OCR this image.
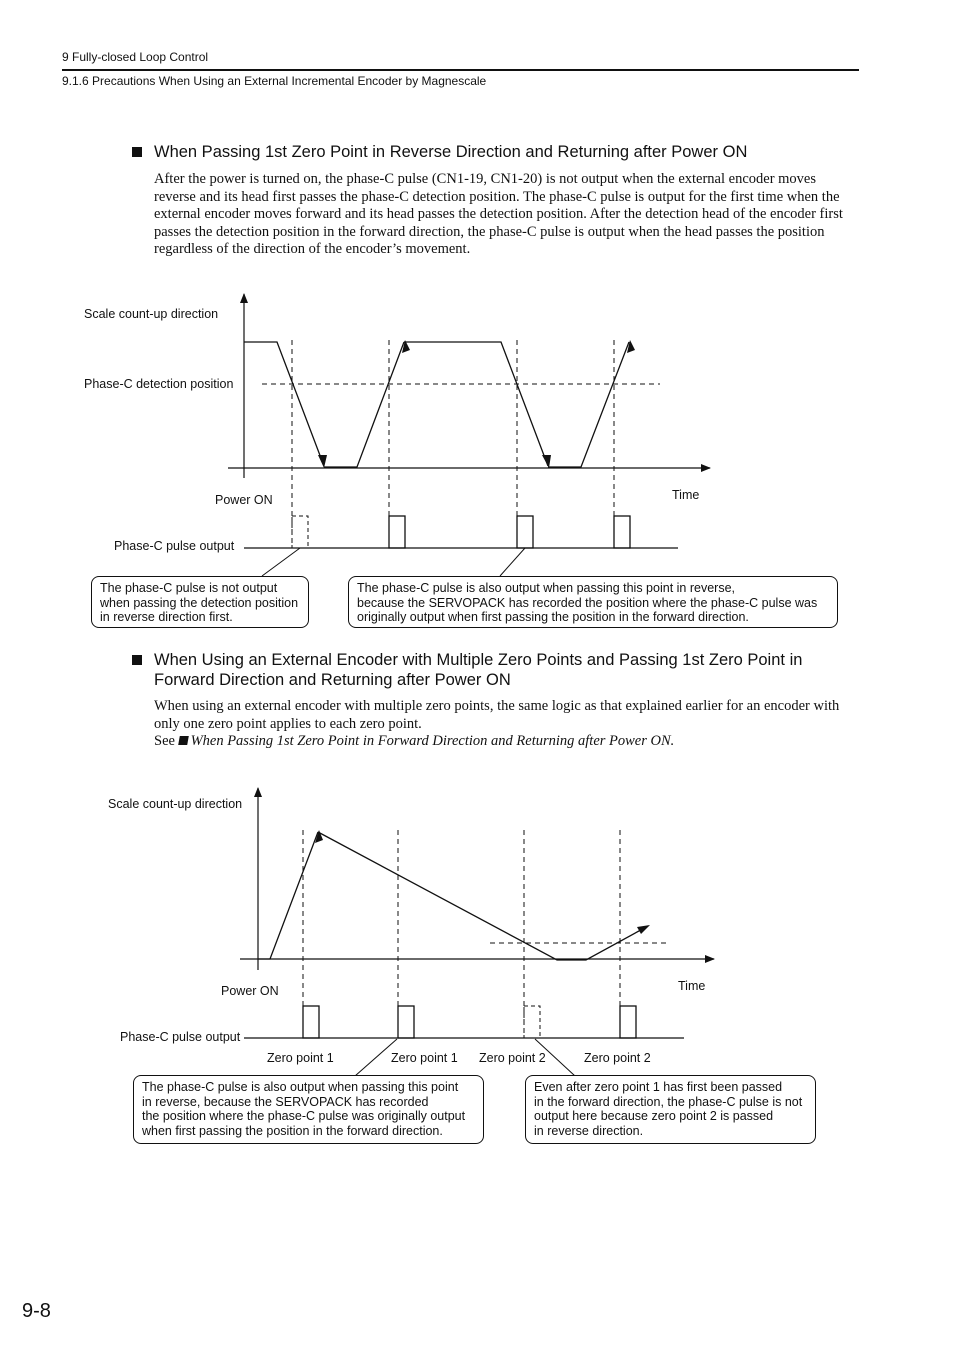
9 Fully-closed Loop Control
9.1.6 Precautions When Using an External Incremental Encoder by Magnescale
When Passing 1st Zero Point in Reverse Direction and Returning after Power ON

After the power is turned on, the phase-C pulse (CN1-19, CN1-20) is not output when the external encoder moves reverse and its head first passes the phase-C detection position. The phase-C pulse is output for the first time when the external encoder moves forward and its head passes the detection position. After the detection head of the encoder first passes the detection position in the forward direction, the phase-C pulse is output when the head passes the position regardless of the direction of the encoder’s movement.

Scale count-up direction
Phase-C detection position
Power ON	Time
Phase-C pulse output
The phase-C pulse is not output
when passing the detection position
in reverse direction first.
The phase-C pulse is also output when passing this point in reverse,
because the SERVOPACK has recorded the position where the phase-C pulse was
originally output when first passing the position in the forward direction.
When Using an External Encoder with Multiple Zero Points and Passing 1st Zero Point in
Forward Direction and Returning after Power ON

When using an external encoder with multiple zero points, the same logic as that explained earlier for an encoder with only one zero point applies to each zero point.

See When Passing 1st Zero Point in Forward Direction and Returning after Power ON.

Scale count-up direction
Power ON	Time
Phase-C pulse output
Zero point 1	Zero point 1 Zero point 2	Zero point 2
The phase-C pulse is also output when passing this point
in reverse, because the SERVOPACK has recorded
the position where the phase-C pulse was originally output
when first passing the position in the forward direction.
Even after zero point 1 has first been passed
in the forward direction, the phase-C pulse is not
output here because zero point 2 is passed
in reverse direction.
9-8
